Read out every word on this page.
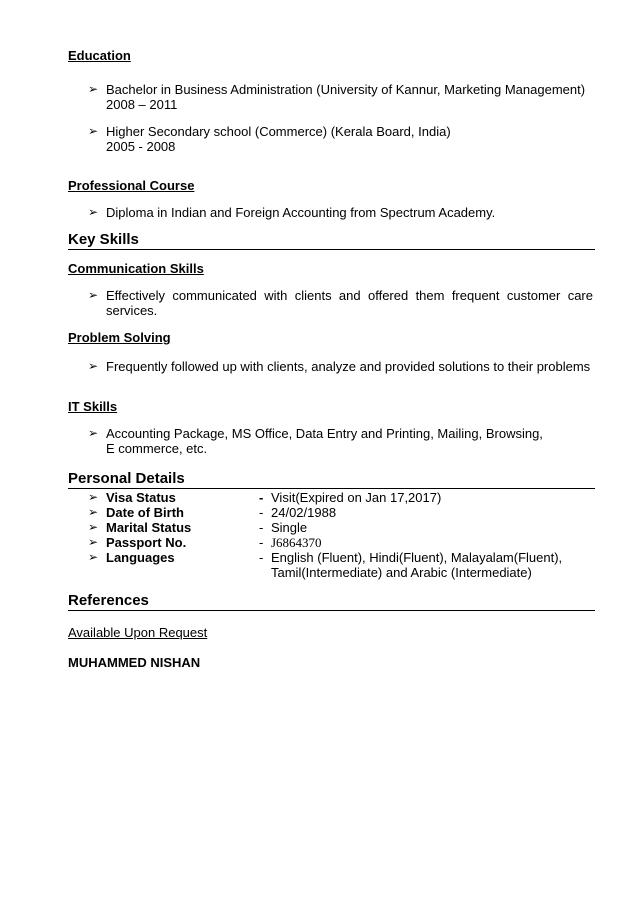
Education
➢ Bachelor in Business Administration (University of Kannur, Marketing Management)
2008 – 2011
➢ Higher Secondary school (Commerce) (Kerala Board, India)
2005 - 2008
Professional Course
➢ Diploma in Indian and Foreign Accounting from Spectrum Academy.
Key Skills
Communication Skills
➢ Effectively communicated with clients and offered them frequent customer care
services.
Problem Solving
➢ Frequently followed up with clients, analyze and provided solutions to their problems
IT Skills
➢ Accounting Package, MS Office, Data Entry and Printing, Mailing, Browsing,
E commerce, etc.
Personal Details
➢ Visa Status	- Visit(Expired on Jan 17,2017)
➢ Date of Birth	- 24/02/1988
➢ Marital Status	- Single
➢ Passport No.	- J6864370
➢ Languages	- English (Fluent), Hindi(Fluent), Malayalam(Fluent),
Tamil(Intermediate) and Arabic (Intermediate)
References
Available Upon Request
MUHAMMED NISHAN
